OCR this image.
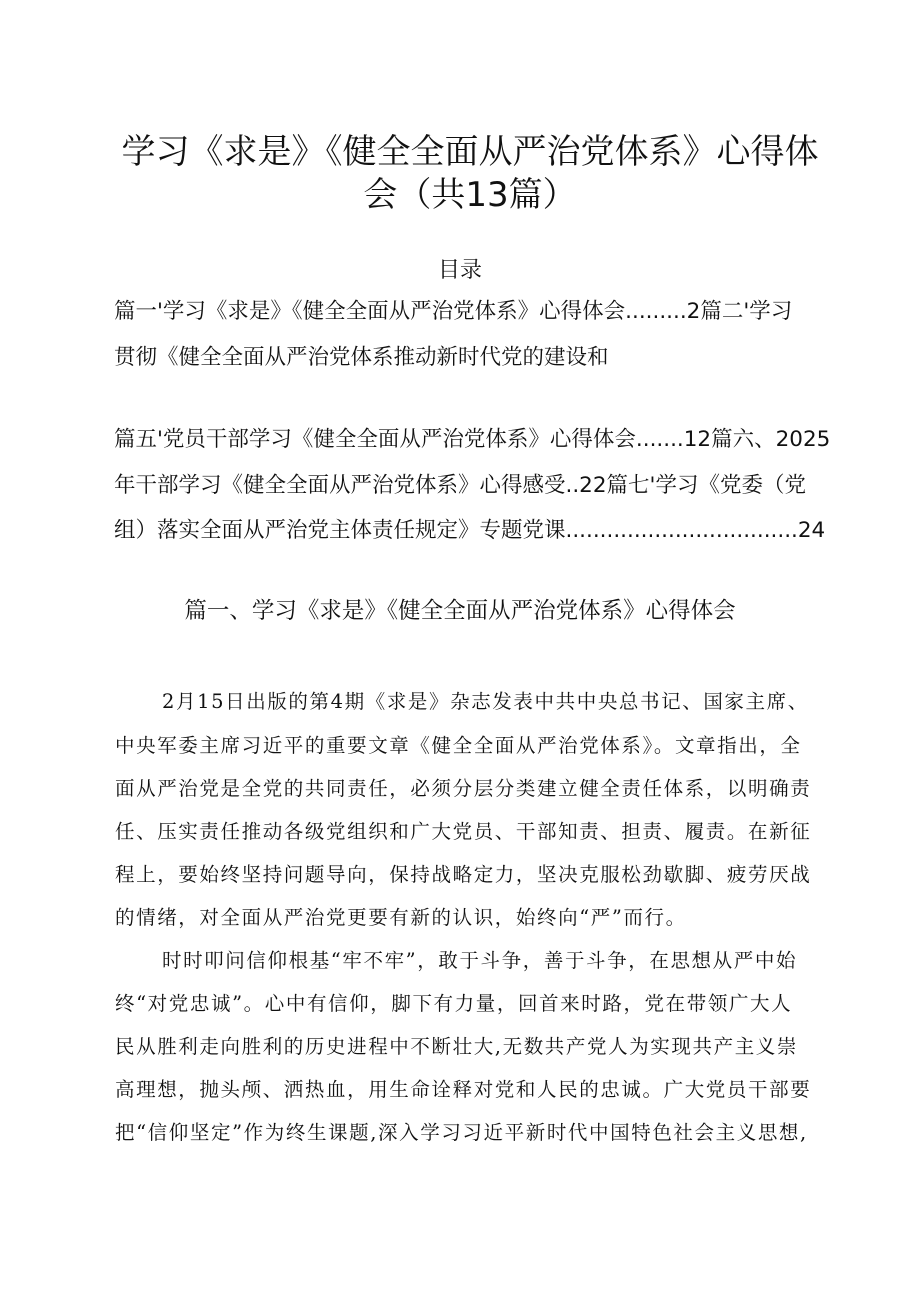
学习《求是》《健全全面从严治党体系》心得体
会（共13篇）
目录
篇一'学习《求是》《健全全面从严治党体系》心得体会.........2篇二'学习
贯彻《健全全面从严治党体系推动新时代党的建设和
篇五'党员干部学习《健全全面从严治党体系》心得体会.......12篇六、2025
年干部学习《健全全面从严治党体系》心得感受..22篇七'学习《党委（党
组）落实全面从严治党主体责任规定》专题党课..................................24
篇一、学习《求是》《健全全面从严治党体系》心得体会
2月15日出版的第4期《求是》杂志发表中共中央总书记、国家主席、
中央军委主席习近平的重要文章《健全全面从严治党体系》。文章指出，全
面从严治党是全党的共同责任，必须分层分类建立健全责任体系，以明确责
任、压实责任推动各级党组织和广大党员、干部知责、担责、履责。在新征
程上，要始终坚持问题导向，保持战略定力，坚决克服松劲歇脚、疲劳厌战
的情绪，对全面从严治党更要有新的认识，始终向“严”而行。
时时叩问信仰根基“牢不牢”，敢于斗争，善于斗争，在思想从严中始
终“对党忠诚”。心中有信仰，脚下有力量，回首来时路，党在带领广大人
民从胜利走向胜利的历史进程中不断壮大,无数共产党人为实现共产主义崇
高理想，抛头颅、洒热血，用生命诠释对党和人民的忠诚。广大党员干部要
把“信仰坚定”作为终生课题,深入学习习近平新时代中国特色社会主义思想,
